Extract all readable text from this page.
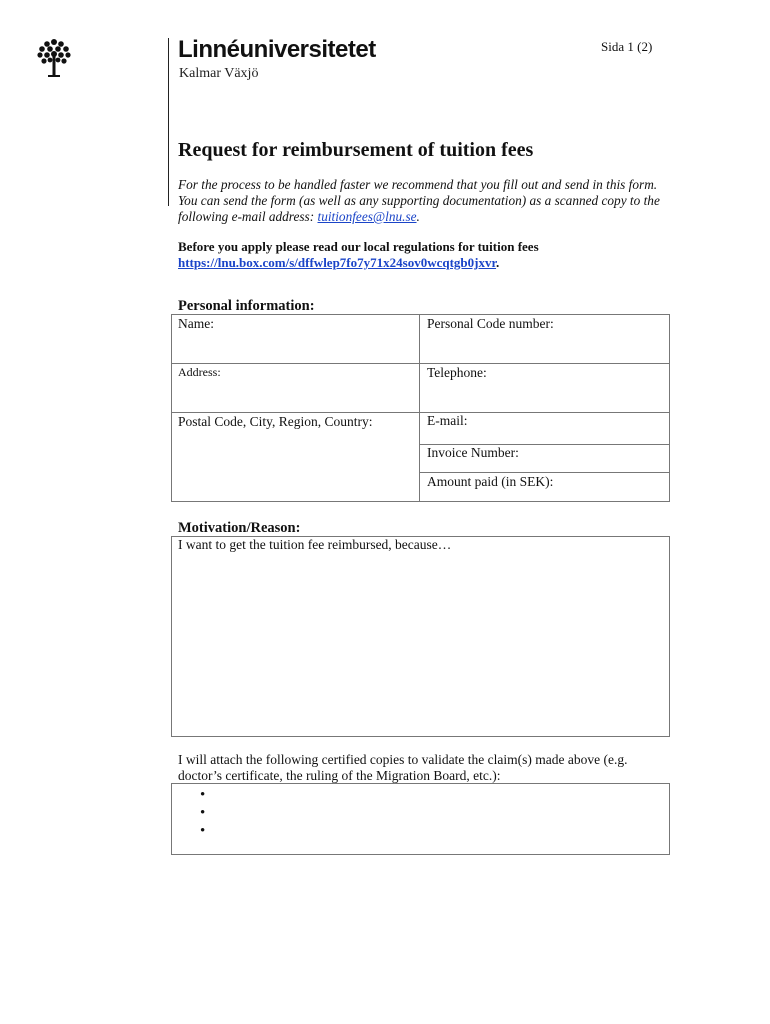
Linnéuniversitetet
Kalmar Växjö
Sida 1 (2)
Request for reimbursement of tuition fees
For the process to be handled faster we recommend that you fill out and send in this form. You can send the form (as well as any supporting documentation) as a scanned copy to the following e-mail address: tuitionfees@lnu.se.
Before you apply please read our local regulations for tuition fees
https://lnu.box.com/s/dffwlep7fo7y71x24sov0wcqtgb0jxvr.
Personal information:
Name:	Personal Code number:
Address:	Telephone:
Postal Code, City, Region, Country:	E-mail:
Invoice Number:
Amount paid (in SEK):
Motivation/Reason:
I want to get the tuition fee reimbursed, because…
I will attach the following certified copies to validate the claim(s) made above (e.g. doctor’s certificate, the ruling of the Migration Board, etc.):
•
•
•
